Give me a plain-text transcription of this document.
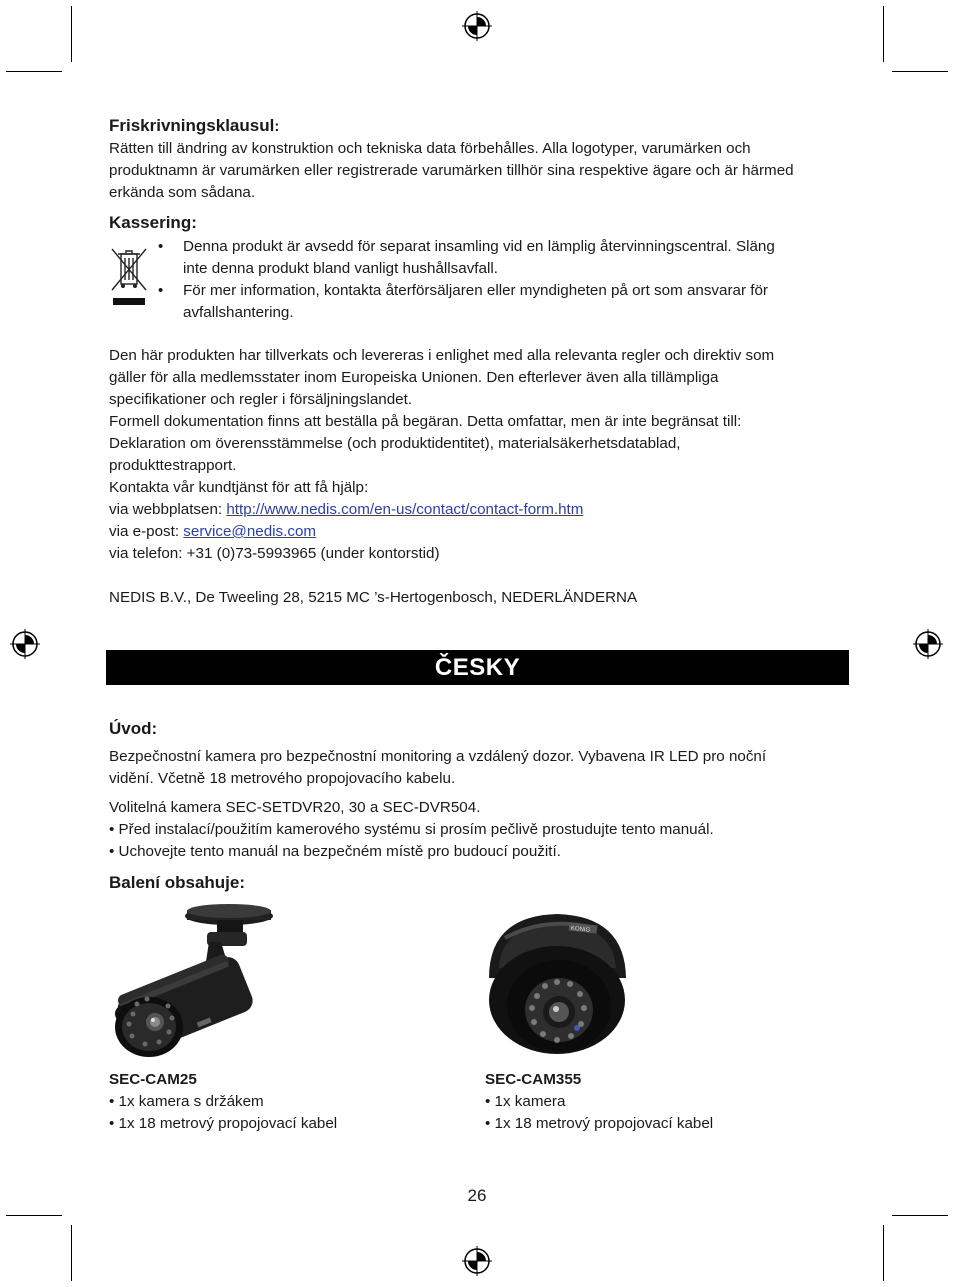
Friskrivningsklausul:
Rätten till ändring av konstruktion och tekniska data förbehålles. Alla logotyper, varumärken och
produktnamn är varumärken eller registrerade varumärken tillhör sina respektive ägare och är härmed
erkända som sådana.
Kassering:
•	Denna produkt är avsedd för separat insamling vid en lämplig återvinningscentral. Släng
inte denna produkt bland vanligt hushållsavfall.
•	För mer information, kontakta återförsäljaren eller myndigheten på ort som ansvarar för
avfallshantering.
Den här produkten har tillverkats och levereras i enlighet med alla relevanta regler och direktiv som
gäller för alla medlemsstater inom Europeiska Unionen. Den efterlever även alla tillämpliga
specifikationer och regler i försäljningslandet.
Formell dokumentation finns att beställa på begäran. Detta omfattar, men är inte begränsat till:
Deklaration om överensstämmelse (och produktidentitet), materialsäkerhetsdatablad,
produkttestrapport.
Kontakta vår kundtjänst för att få hjälp:
via webbplatsen: http://www.nedis.com/en-us/contact/contact-form.htm
via e-post: service@nedis.com
via telefon: +31 (0)73-5993965 (under kontorstid)
NEDIS B.V., De Tweeling 28, 5215 MC ’s-Hertogenbosch, NEDERLÄNDERNA
ČESKY
Úvod:
Bezpečnostní kamera pro bezpečnostní monitoring a vzdálený dozor. Vybavena IR LED pro noční
vidění. Včetně 18 metrového propojovacího kabelu.
Volitelná kamera SEC-SETDVR20, 30 a SEC-DVR504.
• Před instalací/použitím kamerového systému si prosím pečlivě prostudujte tento manuál.
• Uchovejte tento manuál na bezpečném místě pro budoucí použití.
Balení obsahuje:
KONIG
SEC-CAM25
• 1x kamera s držákem
• 1x 18 metrový propojovací kabel
SEC-CAM355
• 1x kamera
• 1x 18 metrový propojovací kabel
26
